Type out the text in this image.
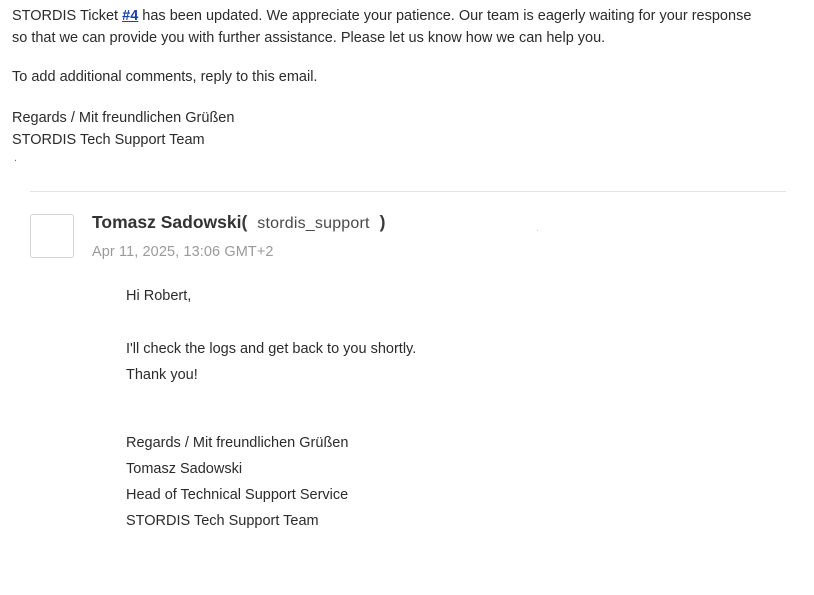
STORDIS Ticket #4 has been updated. We appreciate your patience. Our team is eagerly waiting for your response so that we can provide you with further assistance. Please let us know how we can help you.

To add additional comments, reply to this email.

Regards / Mit freundlichen Grüßen
STORDIS Tech Support Team
.
Tomasz Sadowski( stordis_support )
Apr 11, 2025, 13:06 GMT+2
.

Hi Robert,

I'll check the logs and get back to you shortly.

Thank you!

Regards / Mit freundlichen Grüßen
Tomasz Sadowski
Head of Technical Support Service
STORDIS Tech Support Team
